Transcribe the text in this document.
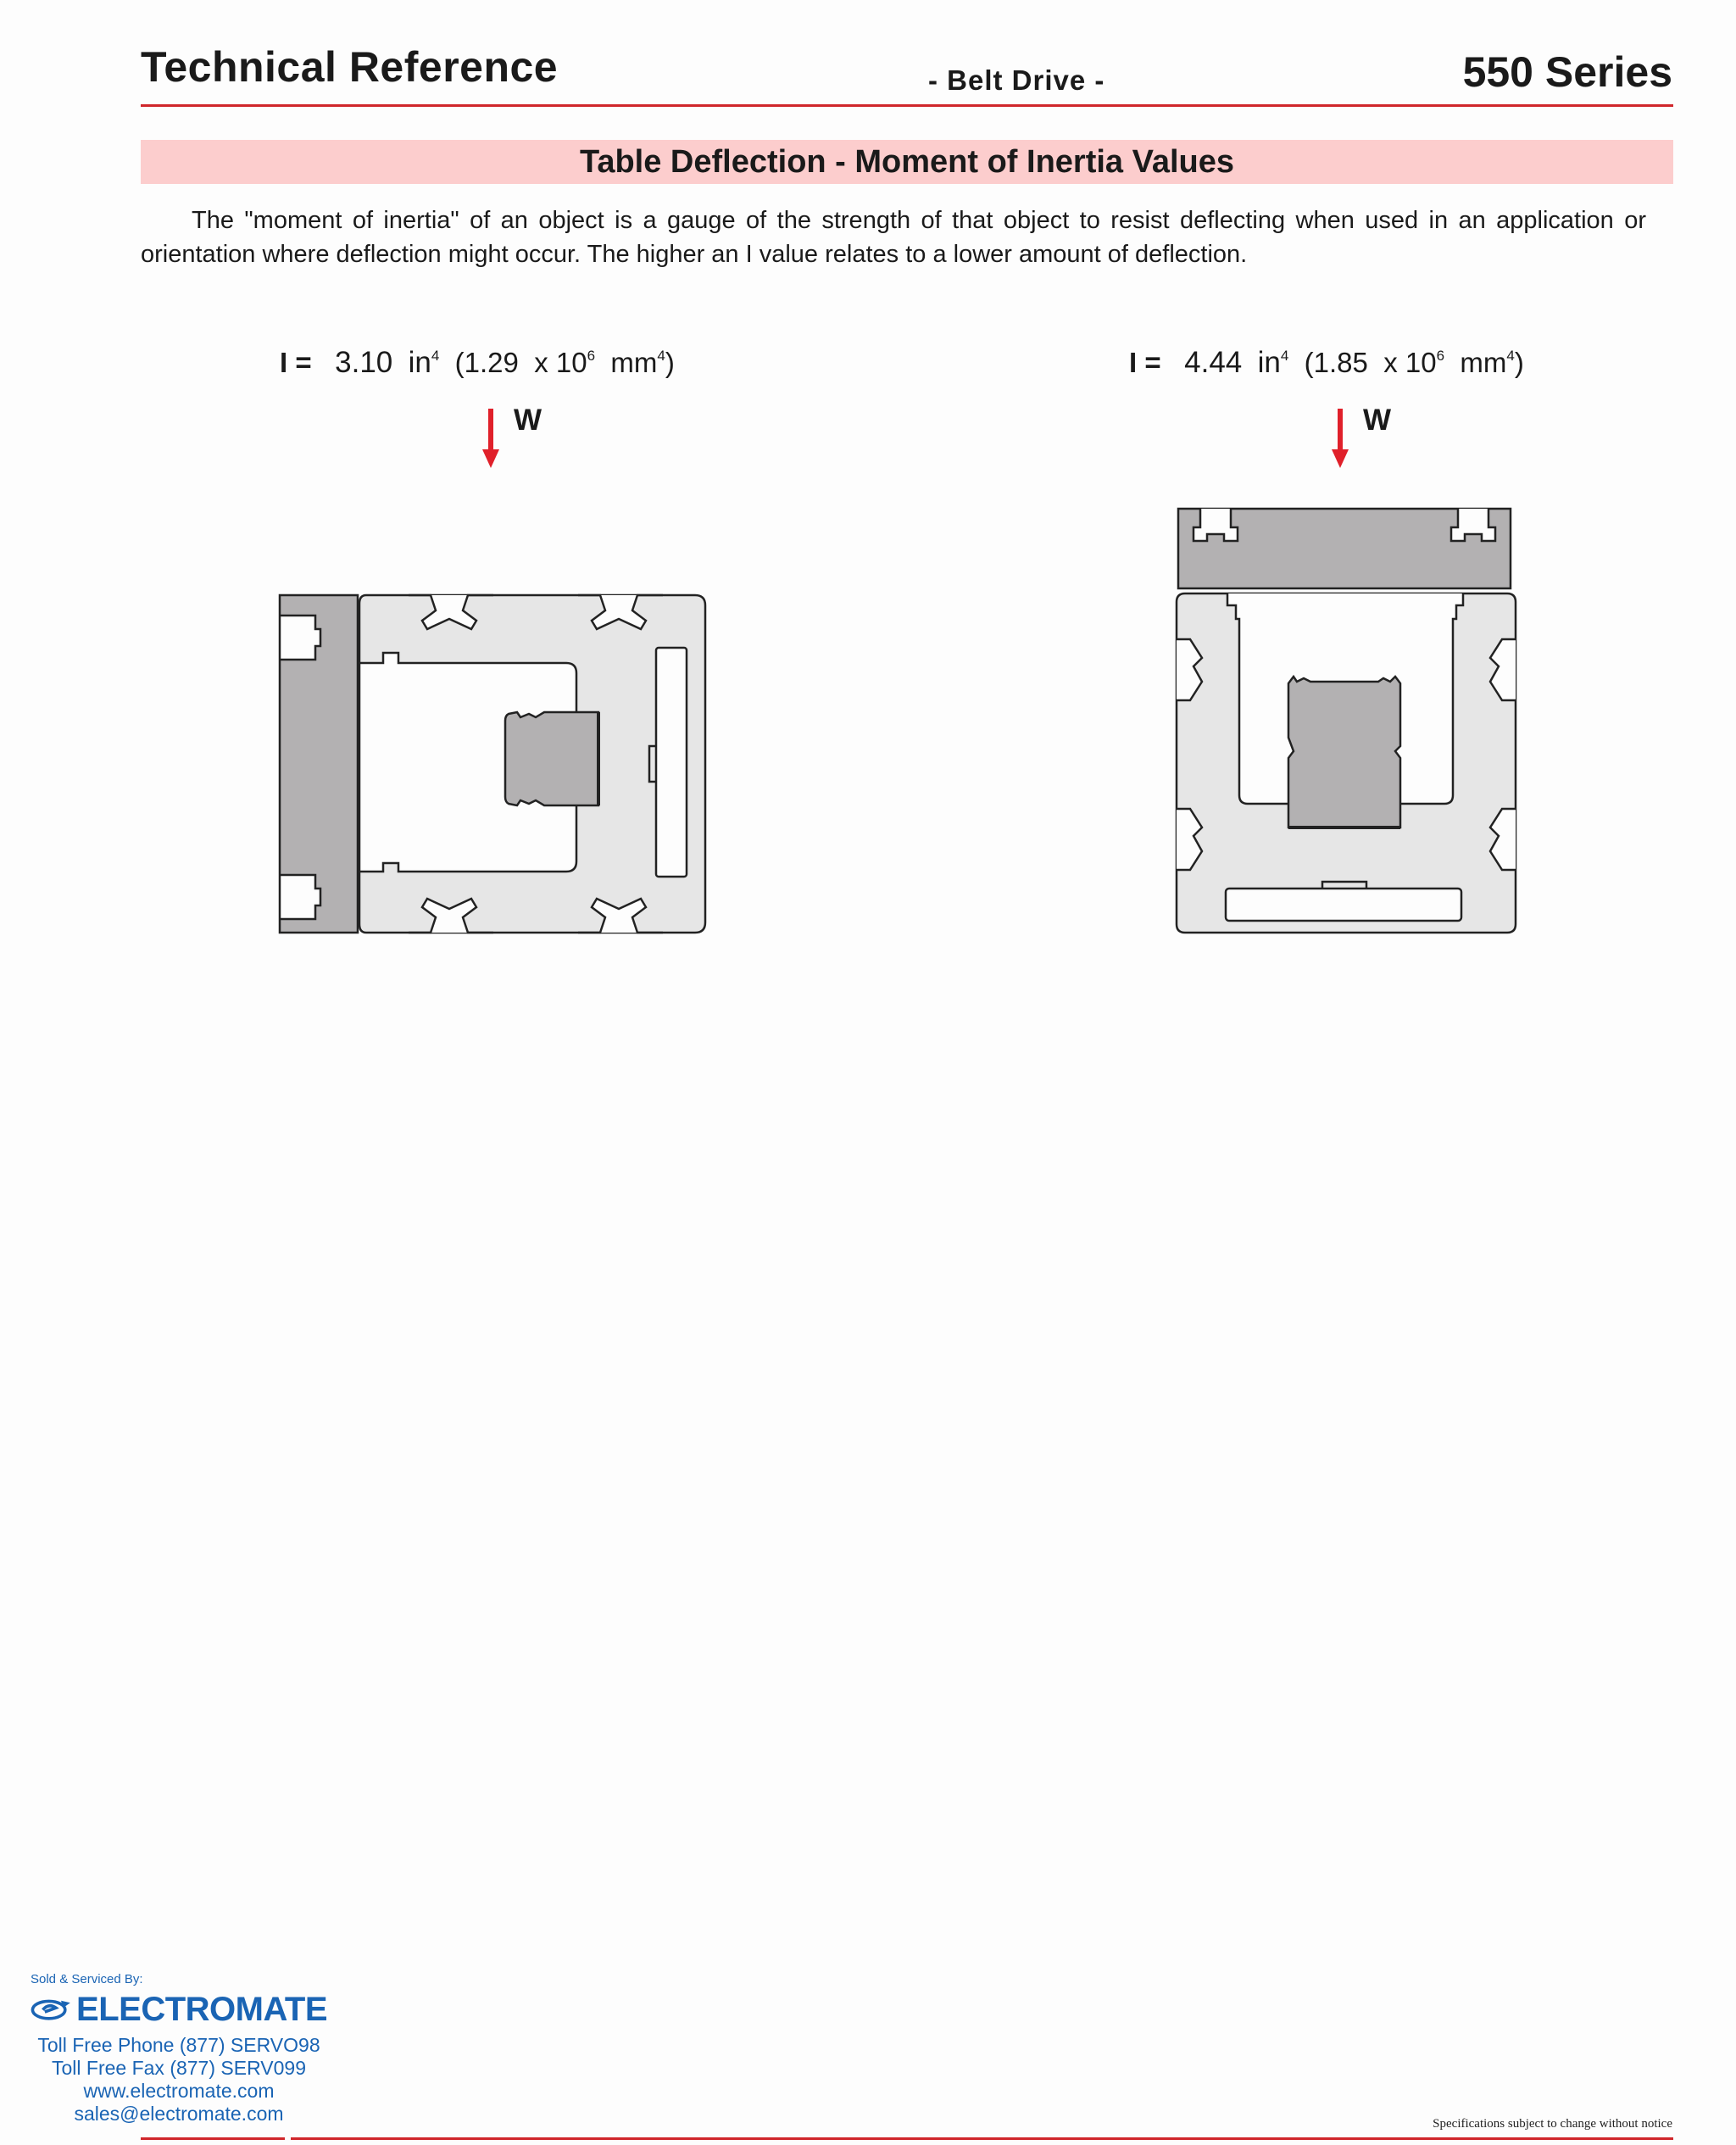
Technical Reference	- Belt Drive -	550 Series
Table Deflection - Moment of Inertia Values
The "moment of inertia" of an object is a gauge of the strength of that object to resist deflecting when used in an application or orientation where deflection might occur. The higher an I value relates to a lower amount of deflection.
I = 3.10 $in^4$ (1.29 x $10^6$ $mm^4$)	I = 4.44 $in^4$ (1.85 x $10^6$ $mm^4$)
W	W
Sold & Serviced By:
ELECTROMATE
Toll Free Phone (877) SERVO98
Toll Free Fax (877) SERV099
www.electromate.com
sales@electromate.com	Specifications subject to change without notice
